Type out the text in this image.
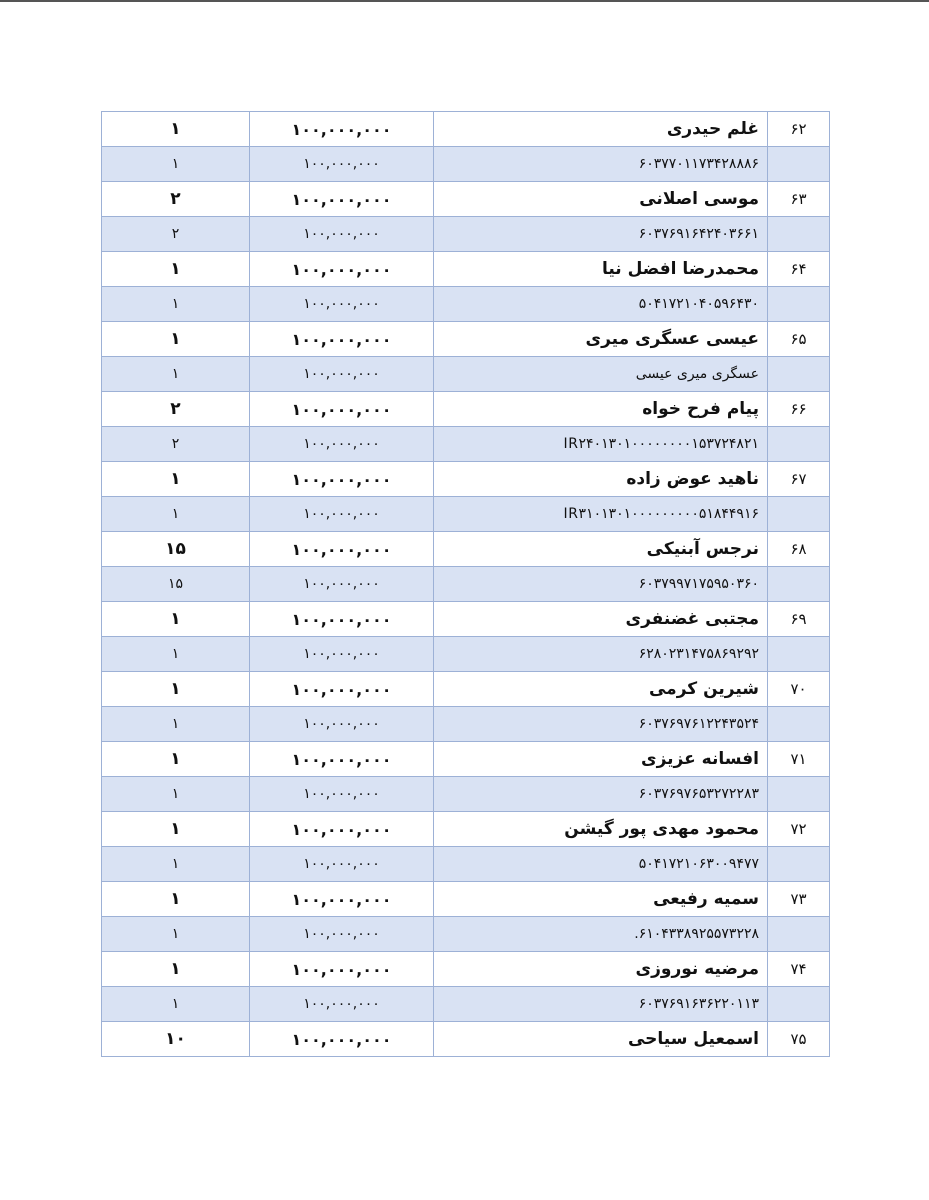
۱	۱۰۰,۰۰۰,۰۰۰	غلم حیدری	۶۲
۱	۱۰۰,۰۰۰,۰۰۰	۶۰۳۷۷۰۱۱۷۳۴۲۸۸۸۶	
۲	۱۰۰,۰۰۰,۰۰۰	موسی اصلانی	۶۳
۲	۱۰۰,۰۰۰,۰۰۰	۶۰۳۷۶۹۱۶۴۲۴۰۳۶۶۱	
۱	۱۰۰,۰۰۰,۰۰۰	محمدرضا افضل نیا	۶۴
۱	۱۰۰,۰۰۰,۰۰۰	۵۰۴۱۷۲۱۰۴۰۵۹۶۴۳۰	
۱	۱۰۰,۰۰۰,۰۰۰	عیسی عسگری میری	۶۵
۱	۱۰۰,۰۰۰,۰۰۰	عسگری میری عیسی	
۲	۱۰۰,۰۰۰,۰۰۰	پیام فرح خواه	۶۶
۲	۱۰۰,۰۰۰,۰۰۰	IR۲۴۰۱۳۰۱۰۰۰۰۰۰۰۰۱۵۳۷۲۴۸۲۱	
۱	۱۰۰,۰۰۰,۰۰۰	ناهید عوض زاده	۶۷
۱	۱۰۰,۰۰۰,۰۰۰	IR۳۱۰۱۳۰۱۰۰۰۰۰۰۰۰۰۵۱۸۴۴۹۱۶	
۱۵	۱۰۰,۰۰۰,۰۰۰	نرجس آبنیکی	۶۸
۱۵	۱۰۰,۰۰۰,۰۰۰	۶۰۳۷۹۹۷۱۷۵۹۵۰۳۶۰	
۱	۱۰۰,۰۰۰,۰۰۰	مجتبی غضنفری	۶۹
۱	۱۰۰,۰۰۰,۰۰۰	۶۲۸۰۲۳۱۴۷۵۸۶۹۲۹۲	
۱	۱۰۰,۰۰۰,۰۰۰	شیرین کرمی	۷۰
۱	۱۰۰,۰۰۰,۰۰۰	۶۰۳۷۶۹۷۶۱۲۲۴۳۵۲۴	
۱	۱۰۰,۰۰۰,۰۰۰	افسانه عزیزی	۷۱
۱	۱۰۰,۰۰۰,۰۰۰	۶۰۳۷۶۹۷۶۵۳۲۷۲۲۸۳	
۱	۱۰۰,۰۰۰,۰۰۰	محمود مهدی پور گیشن	۷۲
۱	۱۰۰,۰۰۰,۰۰۰	۵۰۴۱۷۲۱۰۶۳۰۰۹۴۷۷	
۱	۱۰۰,۰۰۰,۰۰۰	سمیه رفیعی	۷۳
۱	۱۰۰,۰۰۰,۰۰۰	۶۱۰۴۳۳۸۹۲۵۵۷۳۲۲۸.	
۱	۱۰۰,۰۰۰,۰۰۰	مرضیه نوروزی	۷۴
۱	۱۰۰,۰۰۰,۰۰۰	۶۰۳۷۶۹۱۶۳۶۲۲۰۱۱۳	
۱۰	۱۰۰,۰۰۰,۰۰۰	اسمعیل سیاحی	۷۵
